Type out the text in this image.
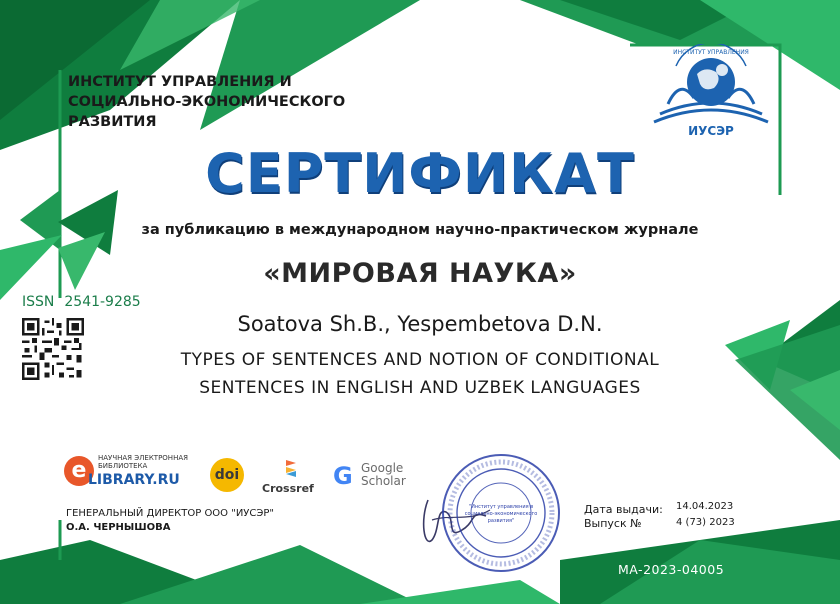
ИНСТИТУТ УПРАВЛЕНИЯ И
СОЦИАЛЬНО-ЭКОНОМИЧЕСКОГО
РАЗВИТИЯ
ИНСТИТУТ УПРАВЛЕНИЯ
ИУСЭР
СЕРТИФИКАТ
за публикацию в международном научно-практическом журнале
«МИРОВАЯ НАУКА»
ISSN 2541-9285
Soatova Sh.B., Yespembetova D.N.
TYPES OF SENTENCES AND NOTION OF CONDITIONAL
SENTENCES IN ENGLISH AND UZBEK LANGUAGES
НАУЧНАЯ ЭЛЕКТРОННАЯ
БИБЛИОТЕКА
e LIBRARY.RU	doi
Crossref G Google
Scholar
ГЕНЕРАЛЬНЫЙ ДИРЕКТОР ООО "ИУСЭР"
О.А. ЧЕРНЫШОВА
"Институт управления в
социально-экономического
развития"
Дата выдачи: 14.04.2023
Выпуск №	4 (73) 2023
MA-2023-04005
